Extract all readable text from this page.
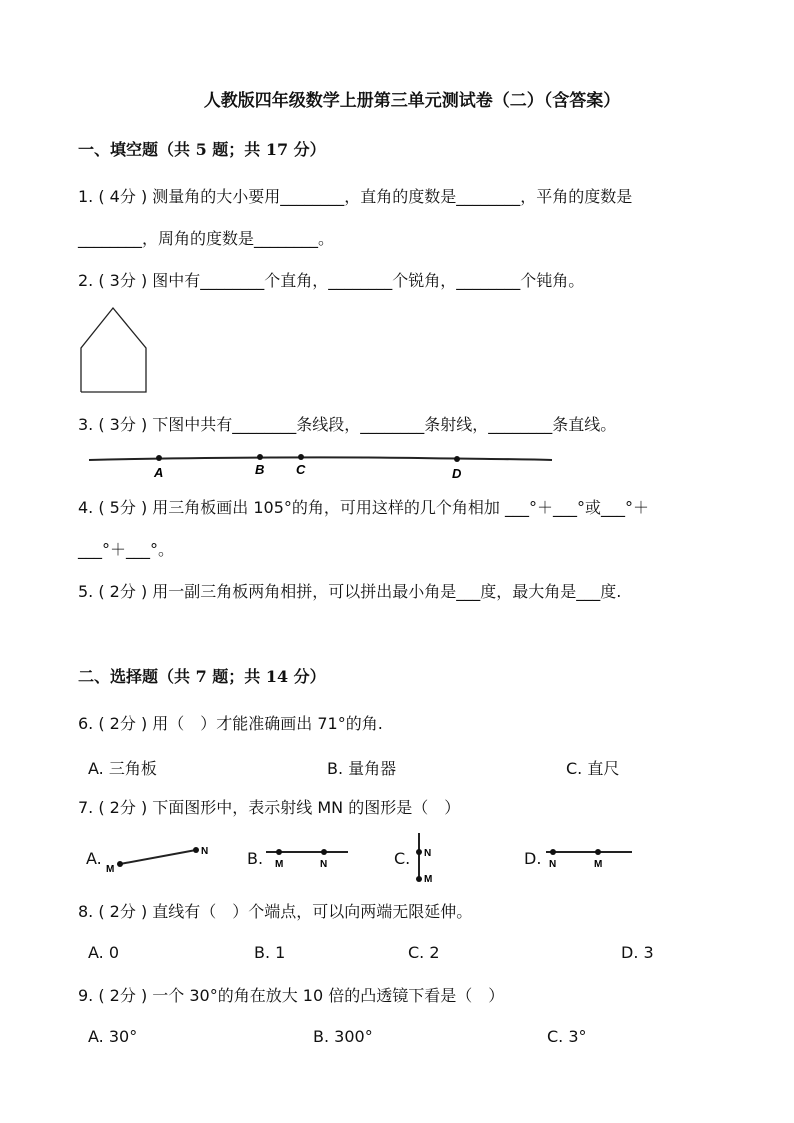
人教版四年级数学上册第三单元测试卷（二）（含答案）
一、填空题（共 5 题；共 17 分）
1. ( 4分 ) 测量角的大小要用________，直角的度数是________，平角的度数是
________，周角的度数是________。
2. ( 3分 ) 图中有________个直角，________个锐角，________个钝角。
3. ( 3分 ) 下图中共有________条线段，________条射线，________条直线。
A	B C	D
4. ( 5分 ) 用三角板画出 105°的角，可用这样的几个角相加 ___°＋___°或___°＋
___°＋___°。
5. ( 2分 ) 用一副三角板两角相拼，可以拼出最小角是___度，最大角是___度.
二、选择题（共 7 题；共 14 分）
6. ( 2分 ) 用（　）才能准确画出 71°的角.
A. 三角板	B. 量角器	C. 直尺
7. ( 2分 ) 下面图形中，表示射线 MN 的图形是（　）
A.
M
N B. M	N	C. N
M
D. N	M
8. ( 2分 ) 直线有（　）个端点，可以向两端无限延伸。
A. 0	B. 1	C. 2	D. 3
9. ( 2分 ) 一个 30°的角在放大 10 倍的凸透镜下看是（　）
A. 30°	B. 300°	C. 3°
